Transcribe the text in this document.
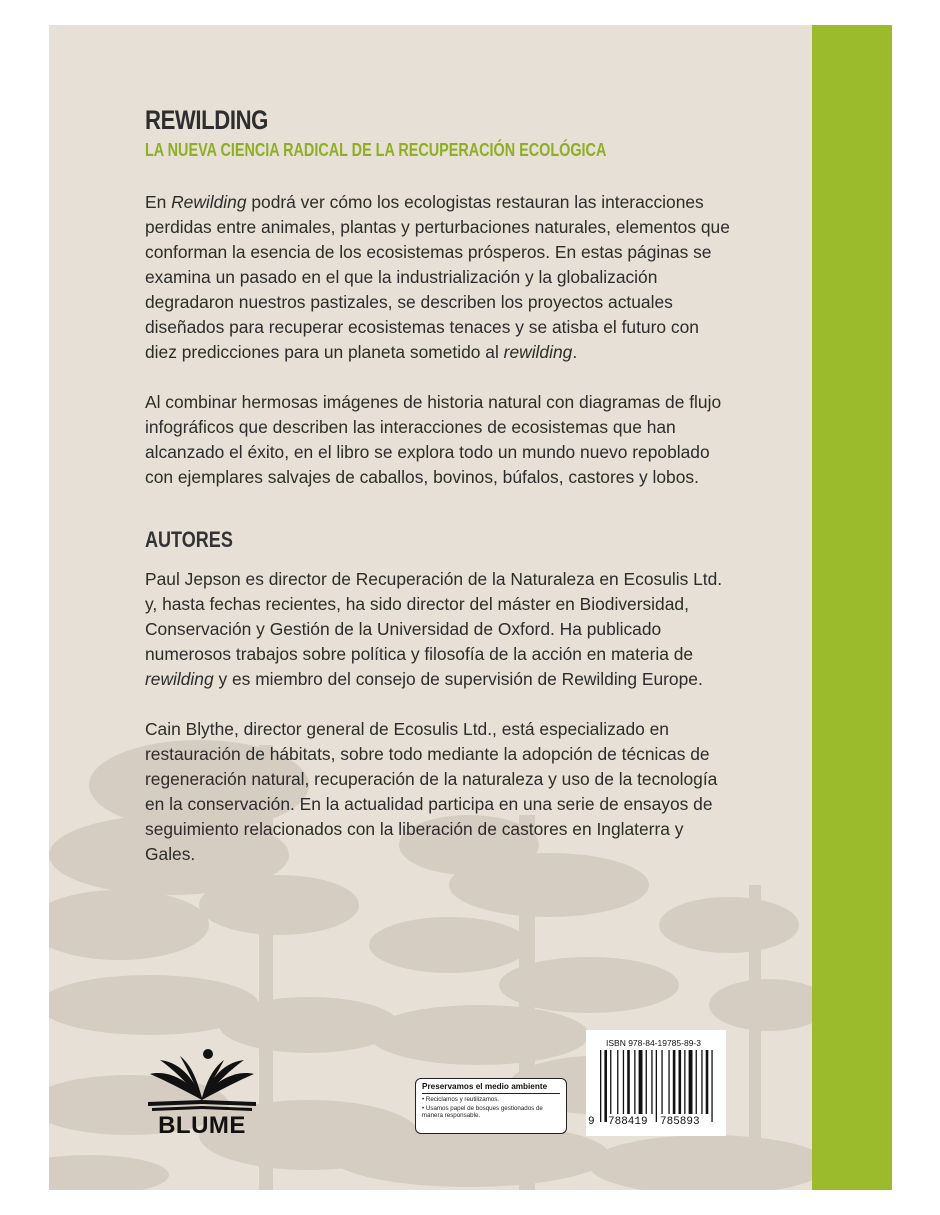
REWILDING
LA NUEVA CIENCIA RADICAL DE LA RECUPERACIÓN ECOLÓGICA

En Rewilding podrá ver cómo los ecologistas restauran las interacciones perdidas entre animales, plantas y perturbaciones naturales, elementos que conforman la esencia de los ecosistemas prósperos. En estas páginas se examina un pasado en el que la industrialización y la globalización degradaron nuestros pastizales, se describen los proyectos actuales diseñados para recuperar ecosistemas tenaces y se atisba el futuro con diez predicciones para un planeta sometido al rewilding.

Al combinar hermosas imágenes de historia natural con diagramas de flujo infográficos que describen las interacciones de ecosistemas que han alcanzado el éxito, en el libro se explora todo un mundo nuevo repoblado con ejemplares salvajes de caballos, bovinos, búfalos, castores y lobos.

AUTORES

Paul Jepson es director de Recuperación de la Naturaleza en Ecosulis Ltd. y, hasta fechas recientes, ha sido director del máster en Biodiversidad, Conservación y Gestión de la Universidad de Oxford. Ha publicado numerosos trabajos sobre política y filosofía de la acción en materia de rewilding y es miembro del consejo de supervisión de Rewilding Europe.

Cain Blythe, director general de Ecosulis Ltd., está especializado en restauración de hábitats, sobre todo mediante la adopción de técnicas de regeneración natural, recuperación de la naturaleza y uso de la tecnología en la conservación. En la actualidad participa en una serie de ensayos de seguimiento relacionados con la liberación de castores en Inglaterra y Gales.

BLUME
Preservamos el medio ambiente
• Reciclamos y reutilizamos.
• Usamos papel de bosques gestionados de manera responsable.
ISBN 978-84-19785-89-3
9 788419 785893
